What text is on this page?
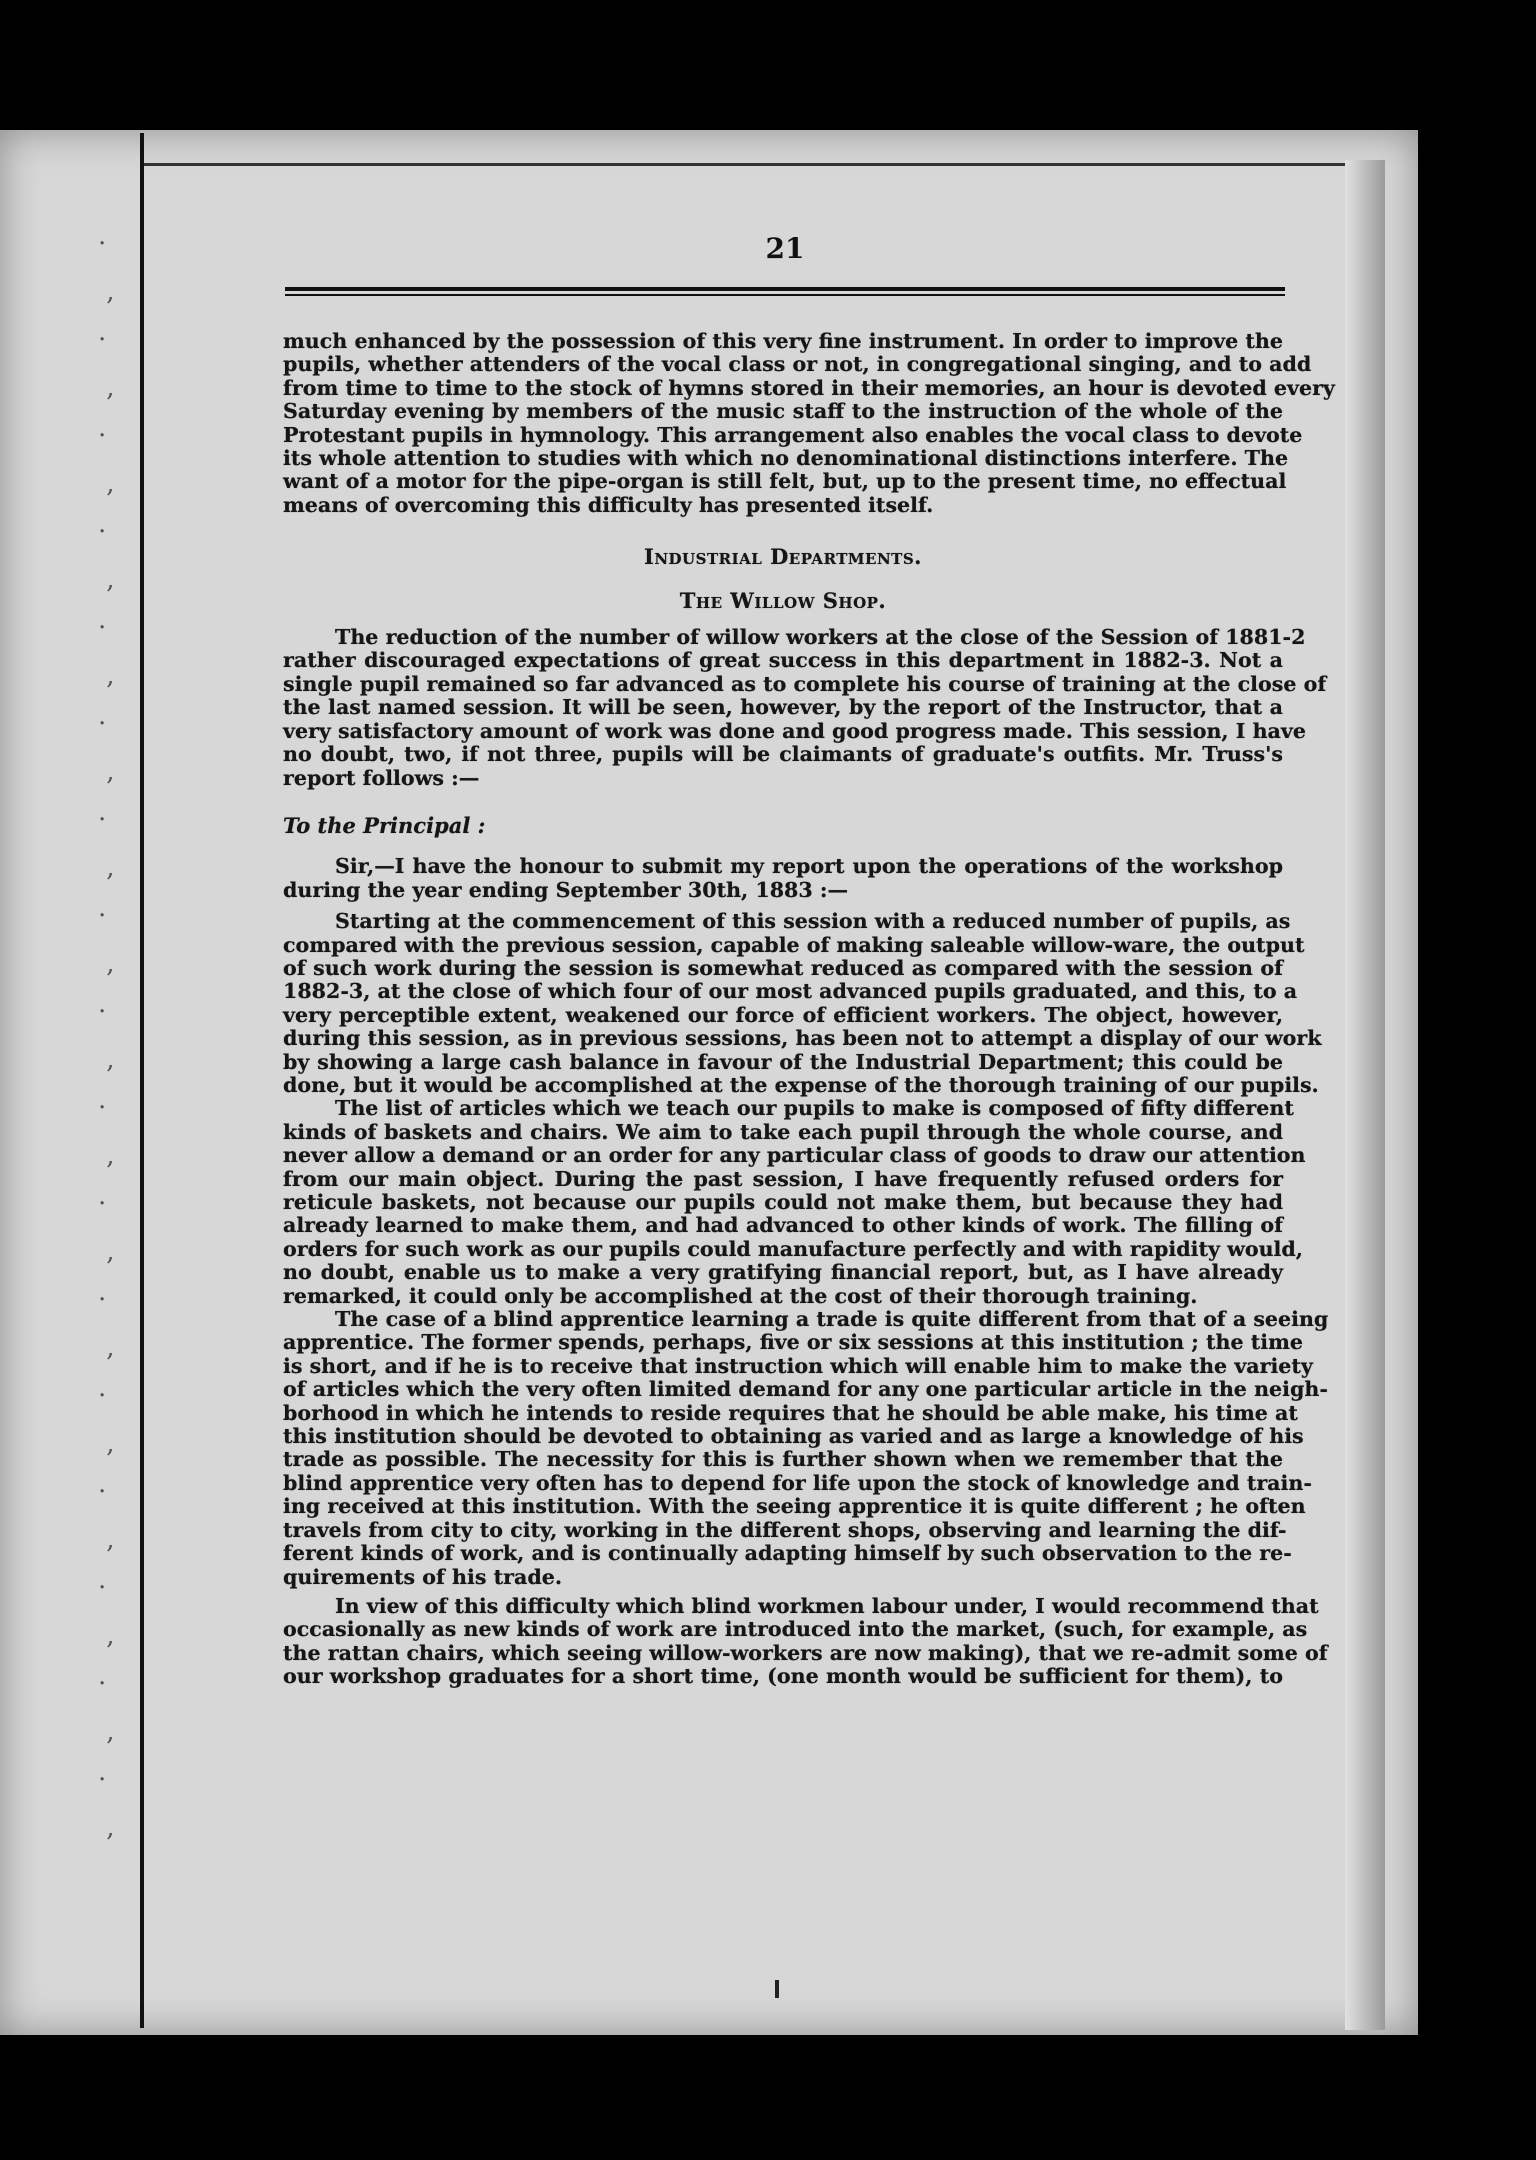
·
,
·
,
·
,
·
,
·
,
·
,
·
,
·
,
·
,
·
,
·
,
·
,
·
,
·
,
·
,
·
,
·
,
21
much enhanced by the possession of this very fine instrument. In order to improve the
pupils, whether attenders of the vocal class or not, in congregational singing, and to add
from time to time to the stock of hymns stored in their memories, an hour is devoted every
Saturday evening by members of the music staff to the instruction of the whole of the
Protestant pupils in hymnology. This arrangement also enables the vocal class to devote
its whole attention to studies with which no denominational distinctions interfere. The
want of a motor for the pipe-organ is still felt, but, up to the present time, no effectual
means of overcoming this difficulty has presented itself.
Industrial Departments.
The Willow Shop.
The reduction of the number of willow workers at the close of the Session of 1881-2
rather discouraged expectations of great success in this department in 1882-3. Not a
single pupil remained so far advanced as to complete his course of training at the close of
the last named session. It will be seen, however, by the report of the Instructor, that a
very satisfactory amount of work was done and good progress made. This session, I have
no doubt, two, if not three, pupils will be claimants of graduate's outfits. Mr. Truss's
report follows :—
To the Principal :
Sir,—I have the honour to submit my report upon the operations of the workshop
during the year ending September 30th, 1883 :—
Starting at the commencement of this session with a reduced number of pupils, as
compared with the previous session, capable of making saleable willow-ware, the output
of such work during the session is somewhat reduced as compared with the session of
1882-3, at the close of which four of our most advanced pupils graduated, and this, to a
very perceptible extent, weakened our force of efficient workers. The object, however,
during this session, as in previous sessions, has been not to attempt a display of our work
by showing a large cash balance in favour of the Industrial Department; this could be
done, but it would be accomplished at the expense of the thorough training of our pupils.
The list of articles which we teach our pupils to make is composed of fifty different
kinds of baskets and chairs. We aim to take each pupil through the whole course, and
never allow a demand or an order for any particular class of goods to draw our attention
from our main object. During the past session, I have frequently refused orders for
reticule baskets, not because our pupils could not make them, but because they had
already learned to make them, and had advanced to other kinds of work. The filling of
orders for such work as our pupils could manufacture perfectly and with rapidity would,
no doubt, enable us to make a very gratifying financial report, but, as I have already
remarked, it could only be accomplished at the cost of their thorough training.
The case of a blind apprentice learning a trade is quite different from that of a seeing
apprentice. The former spends, perhaps, five or six sessions at this institution ; the time
is short, and if he is to receive that instruction which will enable him to make the variety
of articles which the very often limited demand for any one particular article in the neigh-
borhood in which he intends to reside requires that he should be able make, his time at
this institution should be devoted to obtaining as varied and as large a knowledge of his
trade as possible. The necessity for this is further shown when we remember that the
blind apprentice very often has to depend for life upon the stock of knowledge and train-
ing received at this institution. With the seeing apprentice it is quite different ; he often
travels from city to city, working in the different shops, observing and learning the dif-
ferent kinds of work, and is continually adapting himself by such observation to the re-
quirements of his trade.
In view of this difficulty which blind workmen labour under, I would recommend that
occasionally as new kinds of work are introduced into the market, (such, for example, as
the rattan chairs, which seeing willow-workers are now making), that we re-admit some of
our workshop graduates for a short time, (one month would be sufficient for them), to
